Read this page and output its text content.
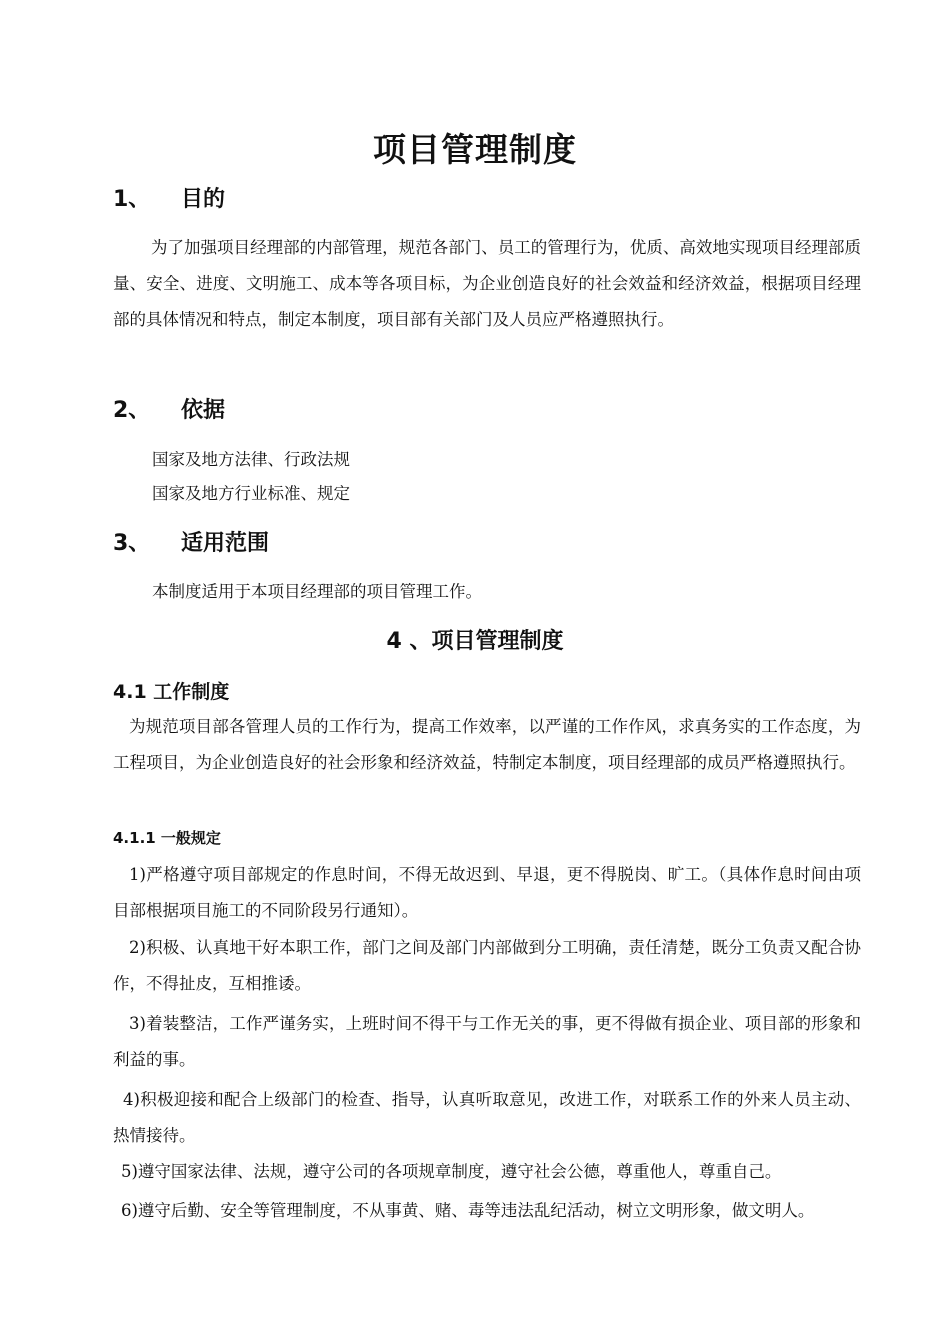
项目管理制度
1、 目的
为了加强项目经理部的内部管理，规范各部门、员工的管理行为，优质、高效地实现项目经理部质量、安全、进度、文明施工、成本等各项目标，为企业创造良好的社会效益和经济效益，根据项目经理部的具体情况和特点，制定本制度，项目部有关部门及人员应严格遵照执行。
2、 依据
国家及地方法律、行政法规
国家及地方行业标准、规定
3、 适用范围
本制度适用于本项目经理部的项目管理工作。
4 、项目管理制度
4.1 工作制度
为规范项目部各管理人员的工作行为，提高工作效率，以严谨的工作作风，求真务实的工作态度，为工程项目，为企业创造良好的社会形象和经济效益，特制定本制度，项目经理部的成员严格遵照执行。
4.1.1 一般规定
1)严格遵守项目部规定的作息时间，不得无故迟到、早退，更不得脱岗、旷工。（具体作息时间由项目部根据项目施工的不同阶段另行通知）。
2)积极、认真地干好本职工作，部门之间及部门内部做到分工明确，责任清楚，既分工负责又配合协作，不得扯皮，互相推诿。
3)着装整洁，工作严谨务实，上班时间不得干与工作无关的事，更不得做有损企业、项目部的形象和利益的事。
4)积极迎接和配合上级部门的检查、指导，认真听取意见，改进工作，对联系工作的外来人员主动、热情接待。
5)遵守国家法律、法规，遵守公司的各项规章制度，遵守社会公德，尊重他人，尊重自己。
6)遵守后勤、安全等管理制度，不从事黄、赌、毒等违法乱纪活动，树立文明形象，做文明人。
